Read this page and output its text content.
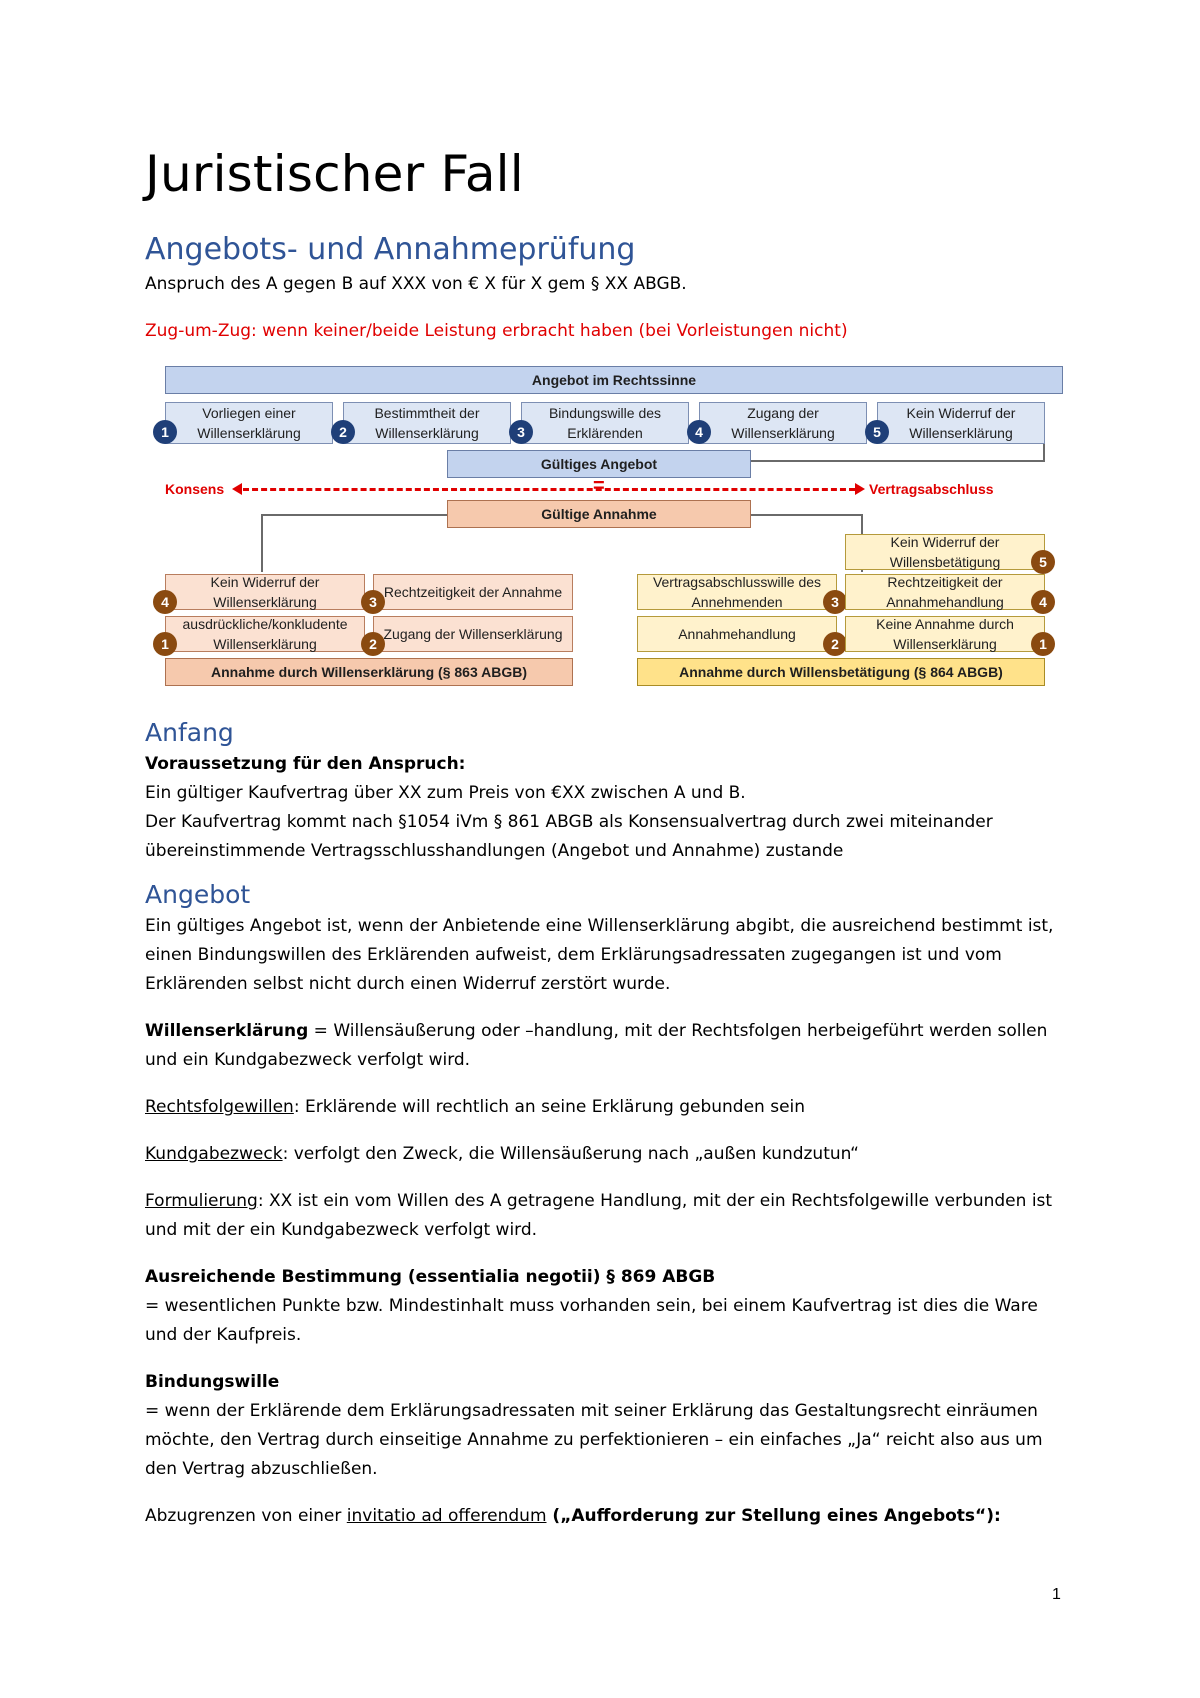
Juristischer Fall
Angebots- und Annahmeprüfung

Anspruch des A gegen B auf XXX von € X für X gem § XX ABGB.

Zug-um-Zug: wenn keiner/beide Leistung erbracht haben (bei Vorleistungen nicht)

Angebot im Rechtssinne
Vorliegen einer Willenserklärung
1
Bestimmtheit der Willenserklärung
2
Bindungswille des Erklärenden
3
Zugang der Willenserklärung
4
Kein Widerruf der Willenserklärung
5
Gültiges Angebot
Konsens	Vertragsabschluss
=
Gültige Annahme
Kein Widerruf der Willensbetätigung	5
Kein Widerruf der Willenserklärung
4
Rechtzeitigkeit der Annahme
3
Vertragsabschlusswille des Annehmenden	3
Rechtzeitigkeit der Annahmehandlung	4
ausdrückliche/konkludente Willenserklärung
1
Zugang der Willenserklärung
2
Annahmehandlung
2
Keine Annahme durch Willenserklärung	1
Annahme durch Willenserklärung (§ 863 ABGB)	Annahme durch Willensbetätigung (§ 864 ABGB)
Anfang

Voraussetzung für den Anspruch:

Ein gültiger Kaufvertrag über XX zum Preis von €XX zwischen A und B.

Der Kaufvertrag kommt nach §1054 iVm § 861 ABGB als Konsensualvertrag durch zwei miteinander übereinstimmende Vertragsschlusshandlungen (Angebot und Annahme) zustande

Angebot

Ein gültiges Angebot ist, wenn der Anbietende eine Willenserklärung abgibt, die ausreichend bestimmt ist, einen Bindungswillen des Erklärenden aufweist, dem Erklärungsadressaten zugegangen ist und vom Erklärenden selbst nicht durch einen Widerruf zerstört wurde.

Willenserklärung = Willensäußerung oder –handlung, mit der Rechtsfolgen herbeigeführt werden sollen und ein Kundgabezweck verfolgt wird.

Rechtsfolgewillen: Erklärende will rechtlich an seine Erklärung gebunden sein

Kundgabezweck: verfolgt den Zweck, die Willensäußerung nach „außen kundzutun“

Formulierung: XX ist ein vom Willen des A getragene Handlung, mit der ein Rechtsfolgewille verbunden ist und mit der ein Kundgabezweck verfolgt wird.

Ausreichende Bestimmung (essentialia negotii) § 869 ABGB

= wesentlichen Punkte bzw. Mindestinhalt muss vorhanden sein, bei einem Kaufvertrag ist dies die Ware und der Kaufpreis.

Bindungswille

= wenn der Erklärende dem Erklärungsadressaten mit seiner Erklärung das Gestaltungsrecht einräumen möchte, den Vertrag durch einseitige Annahme zu perfektionieren – ein einfaches „Ja“ reicht also aus um den Vertrag abzuschließen.

Abzugrenzen von einer invitatio ad offerendum („Aufforderung zur Stellung eines Angebots“):

1
